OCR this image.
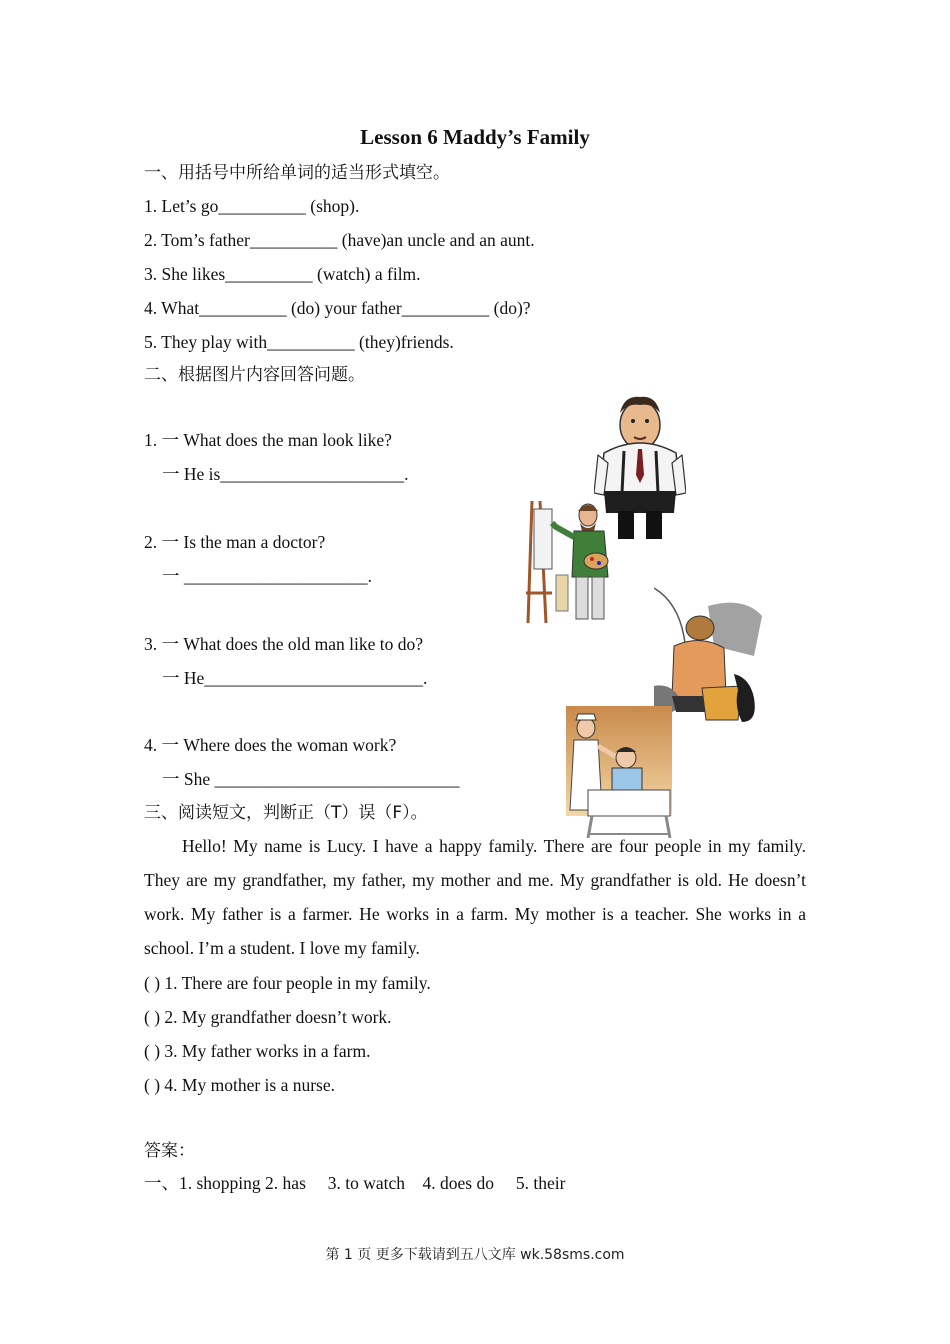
Lesson 6 Maddy’s Family
一、用括号中所给单词的适当形式填空。
1. Let’s go__________ (shop).
2. Tom’s father__________ (have)an uncle and an aunt.
3. She likes__________ (watch) a film.
4. What__________ (do) your father__________ (do)?
5. They play with__________ (they)friends.
二、根据图片内容回答问题。
1. 一 What does the man look like?
一 He is_____________________.
2. 一 Is the man a doctor?
一 _____________________.
3. 一 What does the old man like to do?
一 He_________________________.
4. 一 Where does the woman work?
一 She ____________________________
三、阅读短文，判断正（T）误（F）。
Hello! My name is Lucy. I have a happy family. There are four people in my family. They are my grandfather, my father, my mother and me. My grandfather is old. He doesn’t work. My father is a farmer. He works in a farm. My mother is a teacher. She works in a school. I’m a student. I love my family.
( ) 1. There are four people in my family.
( ) 2. My grandfather doesn’t work.
( ) 3. My father works in a farm.
( ) 4. My mother is a nurse.
答案：
一、1. shopping 2. has     3. to watch    4. does do     5. their
第 1 页 更多下载请到五八文库 wk.58sms.com
